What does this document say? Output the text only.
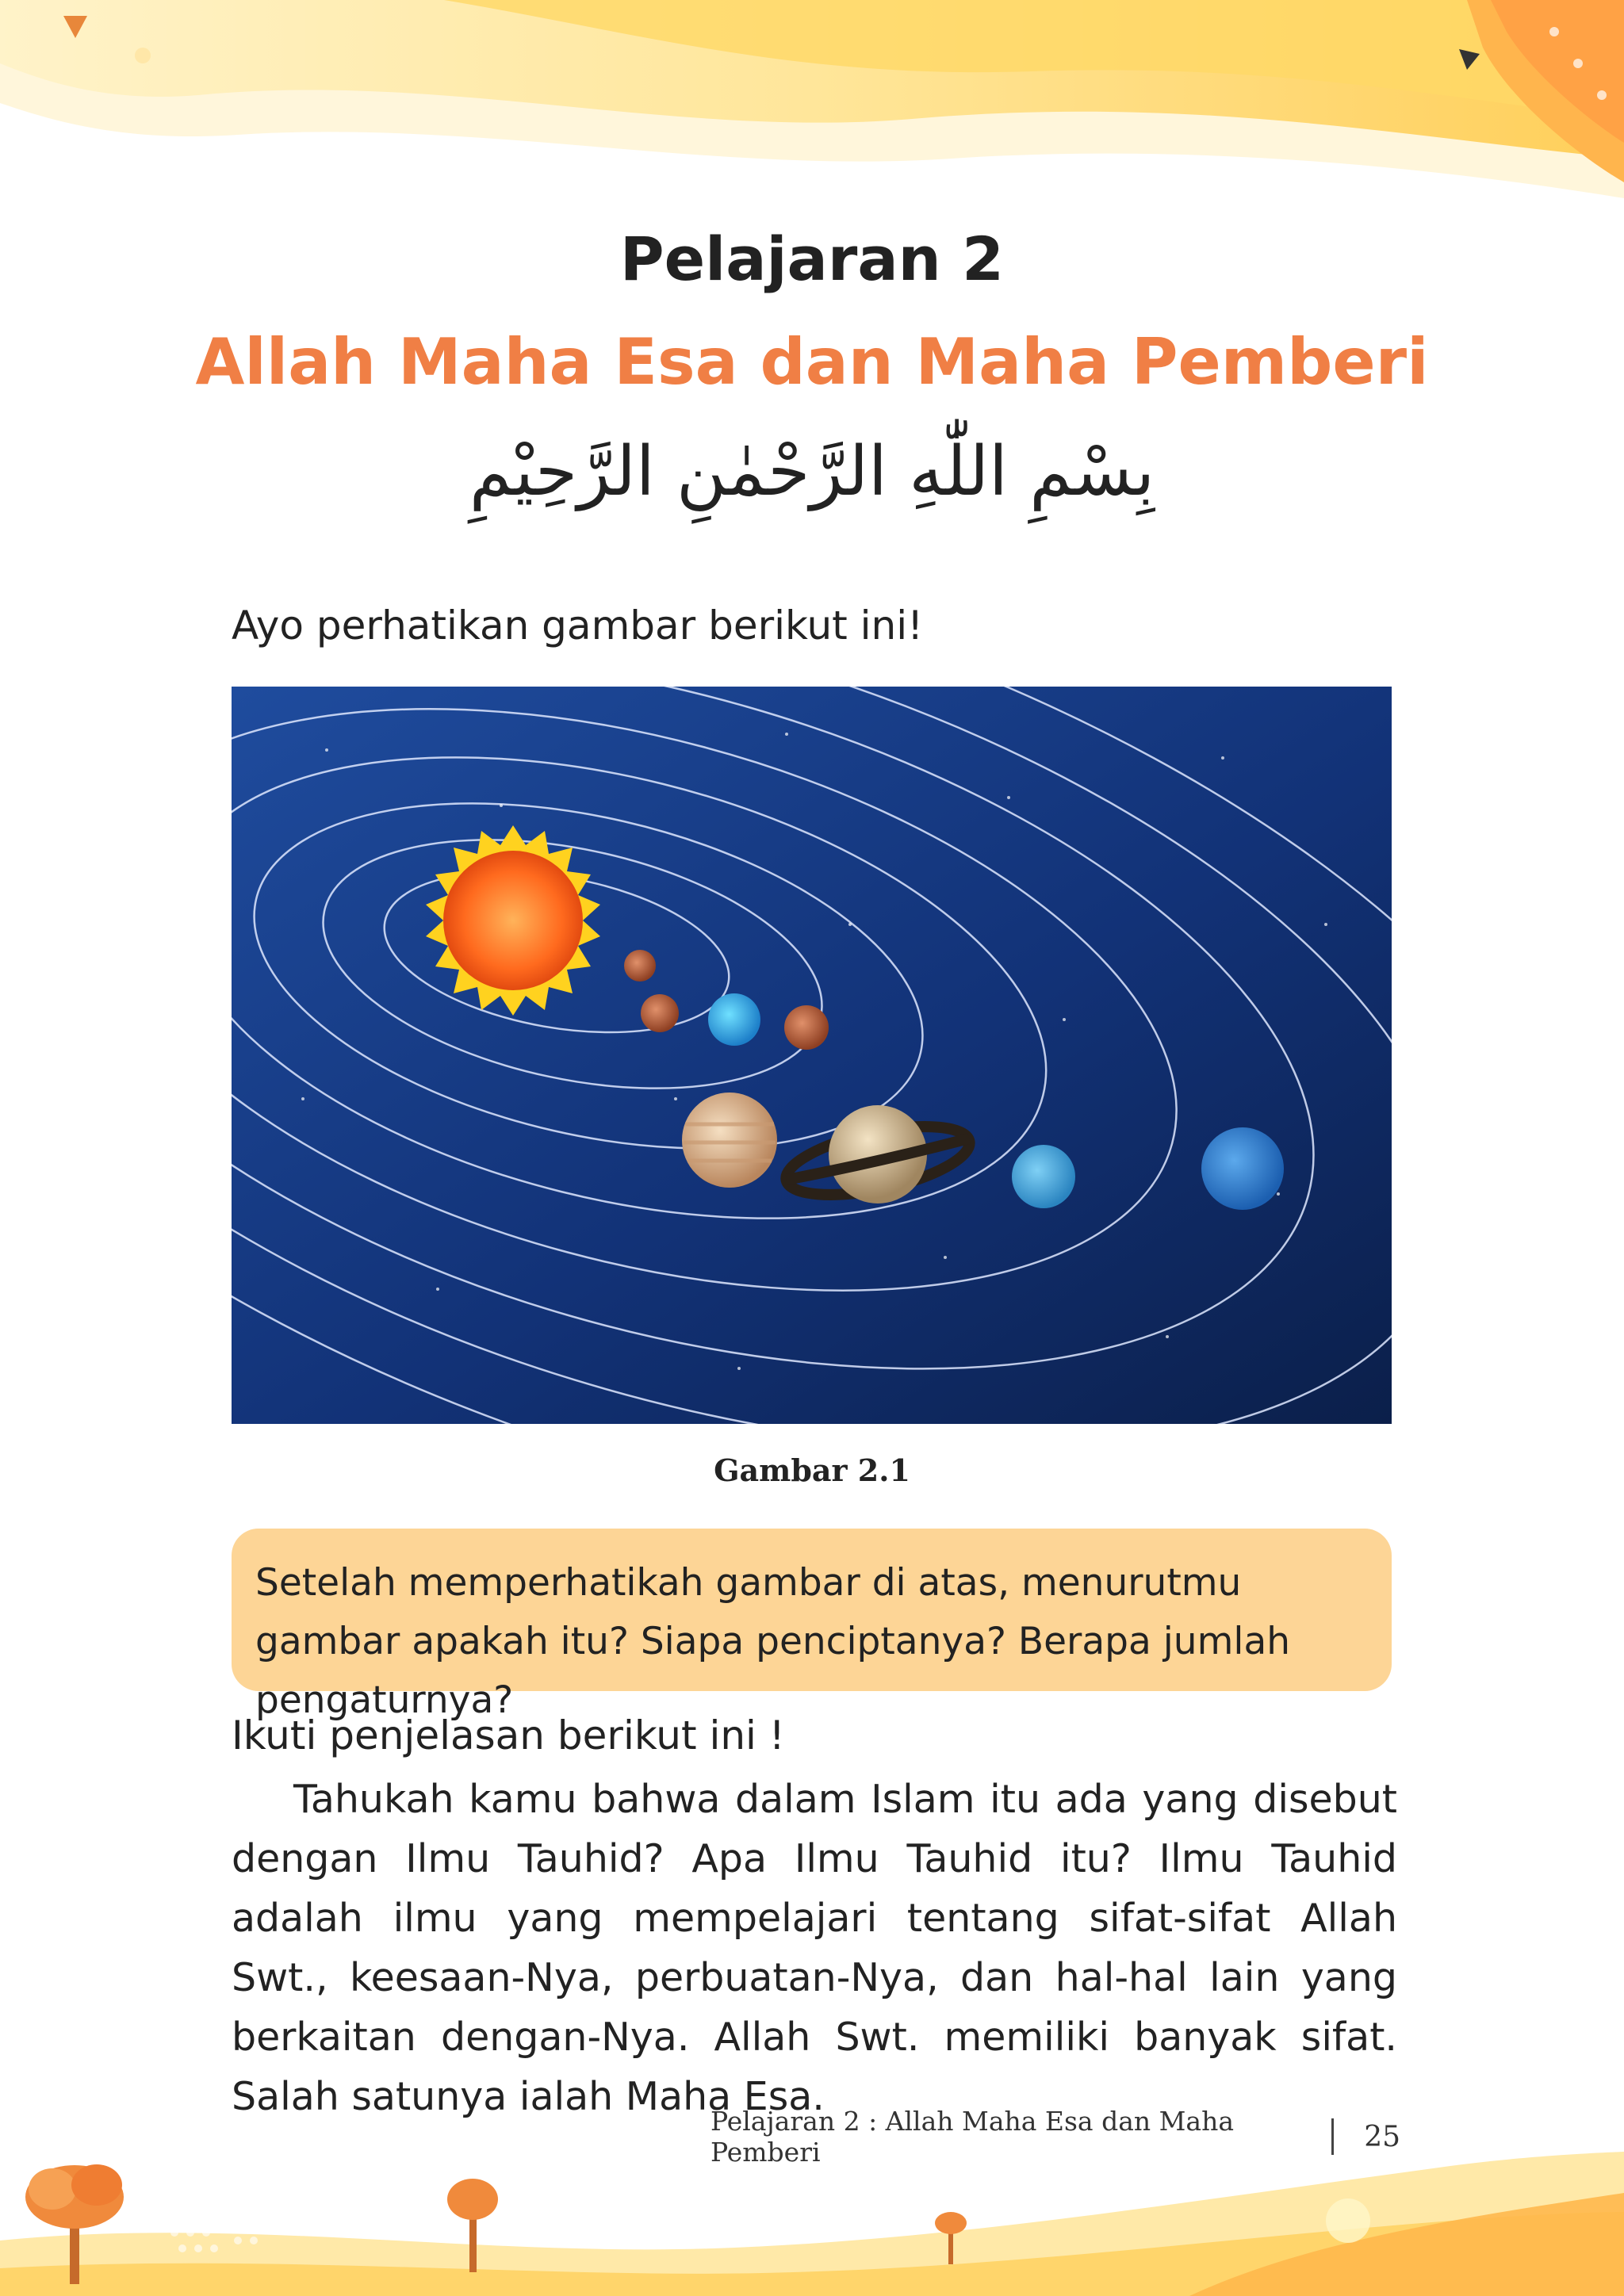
Pelajaran 2
Allah Maha Esa dan Maha Pemberi
بِسْمِ اللّٰهِ الرَّحْمٰنِ الرَّحِيْمِ
Ayo perhatikan gambar berikut ini!
Gambar 2.1
Setelah memperhatikah gambar di atas, menurutmu gambar apakah itu? Siapa penciptanya? Berapa jumlah pengaturnya?
Ikuti penjelasan berikut ini !
Tahukah kamu bahwa dalam Islam itu ada yang disebut dengan Ilmu Tauhid? Apa Ilmu Tauhid itu? Ilmu Tauhid adalah ilmu yang mempelajari tentang sifat-sifat Allah Swt., keesaan-Nya, perbuatan-Nya, dan hal-hal lain yang berkaitan dengan-Nya. Allah Swt. memiliki banyak sifat. Salah satunya ialah Maha Esa.
Pelajaran 2 : Allah Maha Esa dan Maha Pemberi	25
